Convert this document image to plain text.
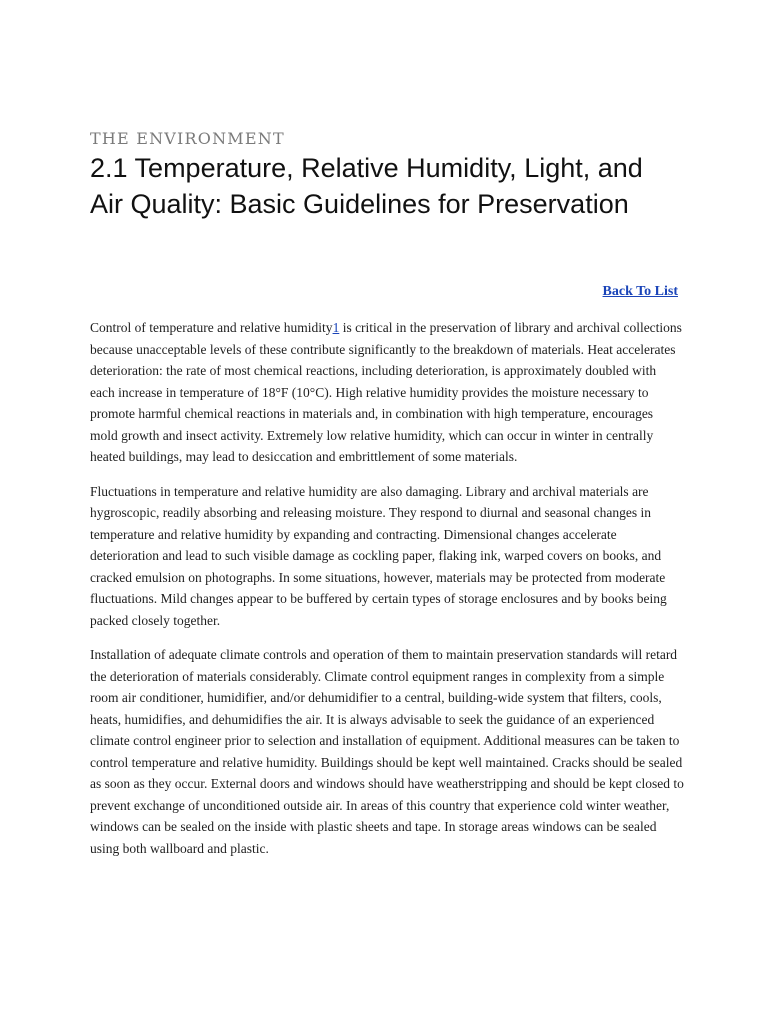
THE ENVIRONMENT
2.1 Temperature, Relative Humidity, Light, and Air Quality: Basic Guidelines for Preservation
Back To List

Control of temperature and relative humidity1 is critical in the preservation of library and archival collections because unacceptable levels of these contribute significantly to the breakdown of materials. Heat accelerates deterioration: the rate of most chemical reactions, including deterioration, is approximately doubled with each increase in temperature of 18°F (10°C). High relative humidity provides the moisture necessary to promote harmful chemical reactions in materials and, in combination with high temperature, encourages mold growth and insect activity. Extremely low relative humidity, which can occur in winter in centrally heated buildings, may lead to desiccation and embrittlement of some materials.

Fluctuations in temperature and relative humidity are also damaging. Library and archival materials are hygroscopic, readily absorbing and releasing moisture. They respond to diurnal and seasonal changes in temperature and relative humidity by expanding and contracting. Dimensional changes accelerate deterioration and lead to such visible damage as cockling paper, flaking ink, warped covers on books, and cracked emulsion on photographs. In some situations, however, materials may be protected from moderate fluctuations. Mild changes appear to be buffered by certain types of storage enclosures and by books being packed closely together.

Installation of adequate climate controls and operation of them to maintain preservation standards will retard the deterioration of materials considerably. Climate control equipment ranges in complexity from a simple room air conditioner, humidifier, and/or dehumidifier to a central, building-wide system that filters, cools, heats, humidifies, and dehumidifies the air. It is always advisable to seek the guidance of an experienced climate control engineer prior to selection and installation of equipment. Additional measures can be taken to control temperature and relative humidity. Buildings should be kept well maintained. Cracks should be sealed as soon as they occur. External doors and windows should have weatherstripping and should be kept closed to prevent exchange of unconditioned outside air. In areas of this country that experience cold winter weather, windows can be sealed on the inside with plastic sheets and tape. In storage areas windows can be sealed using both wallboard and plastic.
